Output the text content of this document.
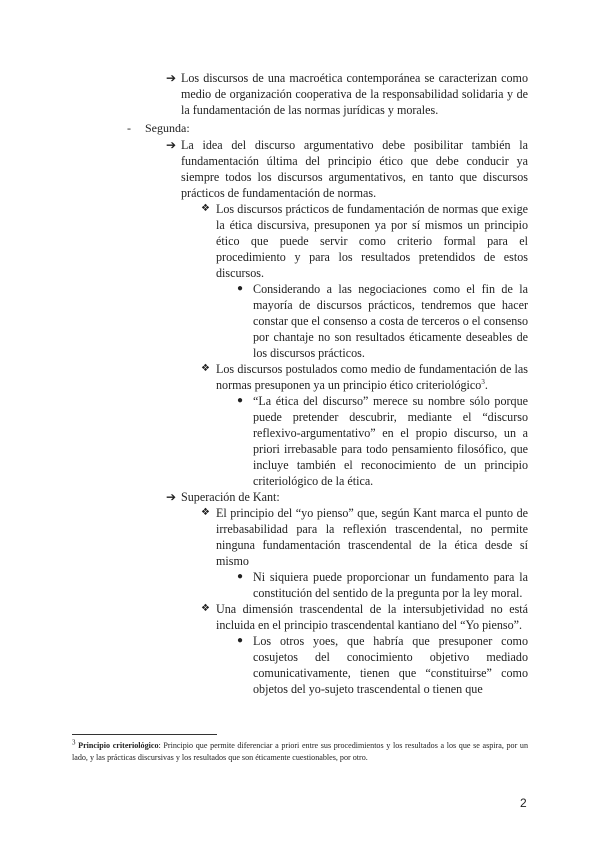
➔ Los discursos de una macroética contemporánea se caracterizan como medio de organización cooperativa de la responsabilidad solidaria y de la fundamentación de las normas jurídicas y morales.

- Segunda:
➔ La idea del discurso argumentativo debe posibilitar también la fundamentación última del principio ético que debe conducir ya siempre todos los discursos argumentativos, en tanto que discursos prácticos de fundamentación de normas.

❖ Los discursos prácticos de fundamentación de normas que exige la ética discursiva, presuponen ya por sí mismos un principio ético que puede servir como criterio formal para el procedimiento y para los resultados pretendidos de estos discursos.

● Considerando a las negociaciones como el fin de la mayoría de discursos prácticos, tendremos que hacer constar que el consenso a costa de terceros o el consenso por chantaje no son resultados éticamente deseables de los discursos prácticos.

❖ Los discursos postulados como medio de fundamentación de las normas presuponen ya un principio ético criteriológico$^3$.

● “La ética del discurso” merece su nombre sólo porque puede pretender descubrir, mediante el “discurso reflexivo-argumentativo” en el propio discurso, un a priori irrebasable para todo pensamiento filosófico, que incluye también el reconocimiento de un principio criteriológico de la ética.

➔ Superación de Kant:

❖ El principio del “yo pienso” que, según Kant marca el punto de irrebasabilidad para la reflexión trascendental, no permite ninguna fundamentación trascendental de la ética desde sí mismo

● Ni siquiera puede proporcionar un fundamento para la constitución del sentido de la pregunta por la ley moral.

❖ Una dimensión trascendental de la intersubjetividad no está incluida en el principio trascendental kantiano del “Yo pienso”.

● Los otros yoes, que habría que presuponer como cosujetos del conocimiento objetivo mediado comunicativamente, tienen que “constituirse” como objetos del yo-sujeto trascendental o tienen que

$^3$ Principio criteriológico: Principio que permite diferenciar a priori entre sus procedimientos y los resultados a los que se aspira, por un lado, y las prácticas discursivas y los resultados que son éticamente cuestionables, por otro.
2
